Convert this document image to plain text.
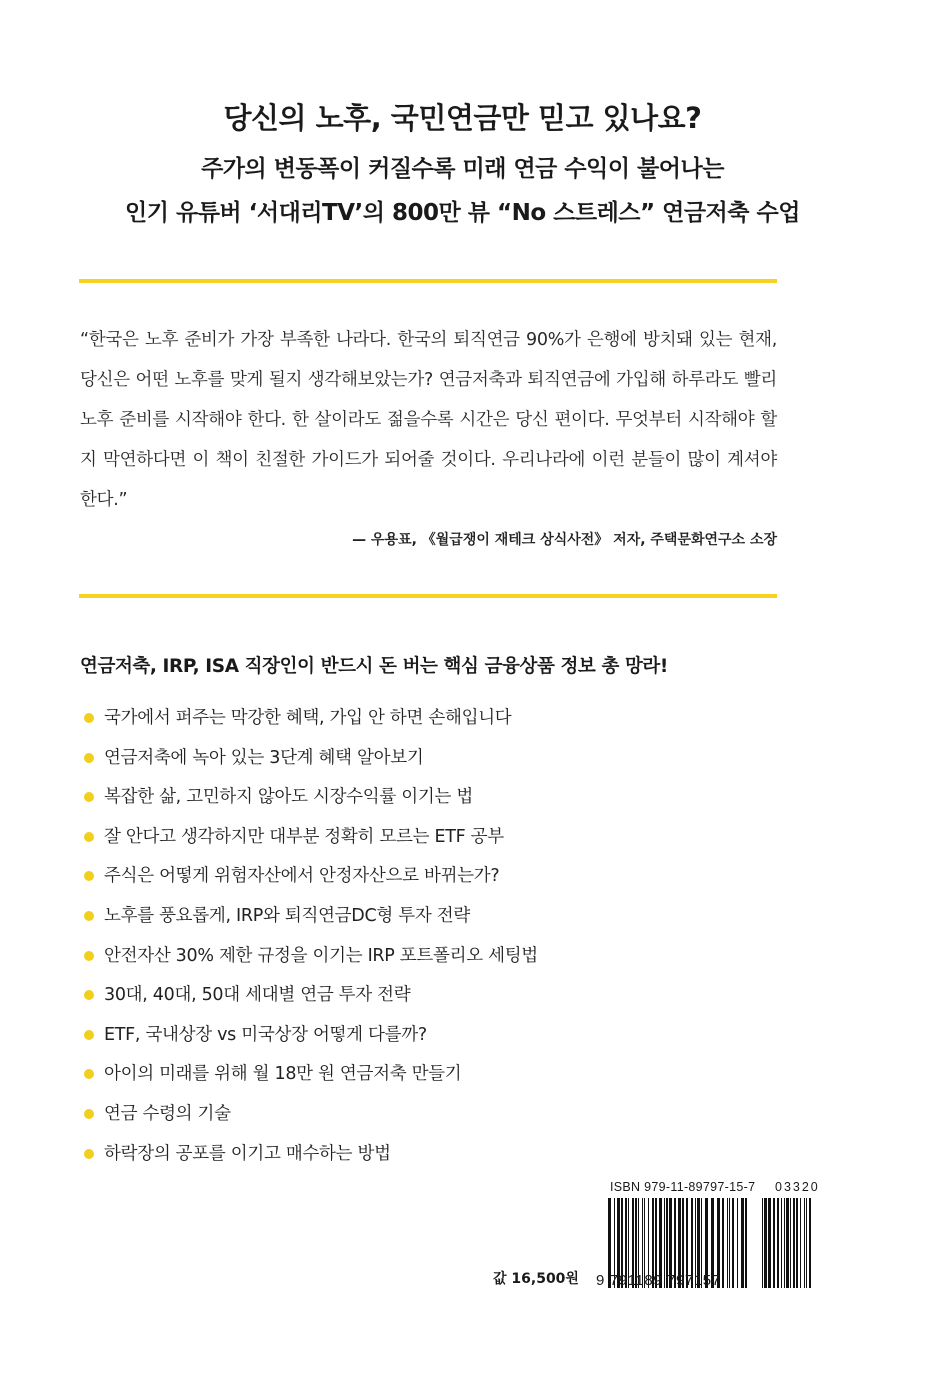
당신의 노후, 국민연금만 믿고 있나요?
주가의 변동폭이 커질수록 미래 연금 수익이 불어나는
인기 유튜버 ‘서대리TV’의 800만 뷰 “No 스트레스” 연금저축 수업
“한국은 노후 준비가 가장 부족한 나라다. 한국의 퇴직연금 90%가 은행에 방치돼 있는 현재, 당신은 어떤 노후를 맞게 될지 생각해보았는가? 연금저축과 퇴직연금에 가입해 하루라도 빨리 노후 준비를 시작해야 한다. 한 살이라도 젊을수록 시간은 당신 편이다. 무엇부터 시작해야 할지 막연하다면 이 책이 친절한 가이드가 되어줄 것이다. 우리나라에 이런 분들이 많이 계셔야 한다.”
— 우용표, 《월급쟁이 재테크 상식사전》 저자, 주택문화연구소 소장
연금저축, IRP, ISA 직장인이 반드시 돈 버는 핵심 금융상품 정보 총 망라!
국가에서 퍼주는 막강한 혜택, 가입 안 하면 손해입니다
연금저축에 녹아 있는 3단계 혜택 알아보기
복잡한 삶, 고민하지 않아도 시장수익률 이기는 법
잘 안다고 생각하지만 대부분 정확히 모르는 ETF 공부
주식은 어떻게 위험자산에서 안정자산으로 바뀌는가?
노후를 풍요롭게, IRP와 퇴직연금DC형 투자 전략
안전자산 30% 제한 규정을 이기는 IRP 포트폴리오 세팅법
30대, 40대, 50대 세대별 연금 투자 전략
ETF, 국내상장 vs 미국상장 어떻게 다를까?
아이의 미래를 위해 월 18만 원 연금저축 만들기
연금 수령의 기술
하락장의 공포를 이기고 매수하는 방법
ISBN 979-11-89797-15-7 03320
9 791189 797157
값 16,500원
